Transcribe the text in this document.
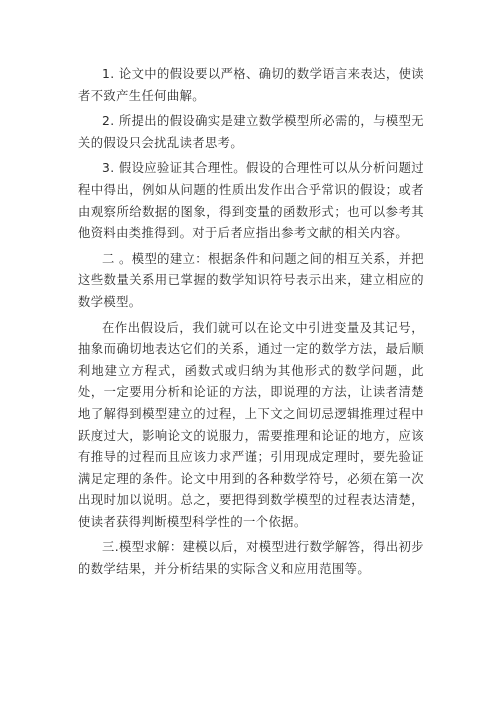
1. 论文中的假设要以严格、确切的数学语言来表达，使读者不致产生任何曲解。

2. 所提出的假设确实是建立数学模型所必需的，与模型无关的假设只会扰乱读者思考。

3. 假设应验证其合理性。假设的合理性可以从分析问题过程中得出，例如从问题的性质出发作出合乎常识的假设；或者由观察所给数据的图象，得到变量的函数形式；也可以参考其他资料由类推得到。对于后者应指出参考文献的相关内容。

二 。模型的建立：根据条件和问题之间的相互关系，并把这些数量关系用已掌握的数学知识符号表示出来，建立相应的数学模型。

在作出假设后，我们就可以在论文中引进变量及其记号，抽象而确切地表达它们的关系，通过一定的数学方法，最后顺利地建立方程式，函数式或归纳为其他形式的数学问题，此处，一定要用分析和论证的方法，即说理的方法，让读者清楚地了解得到模型建立的过程，上下文之间切忌逻辑推理过程中跃度过大，影响论文的说服力，需要推理和论证的地方，应该有推导的过程而且应该力求严谨；引用现成定理时，要先验证满足定理的条件。论文中用到的各种数学符号，必须在第一次出现时加以说明。总之，要把得到数学模型的过程表达清楚，使读者获得判断模型科学性的一个依据。

三.模型求解：建模以后，对模型进行数学解答，得出初步的数学结果，并分析结果的实际含义和应用范围等。
